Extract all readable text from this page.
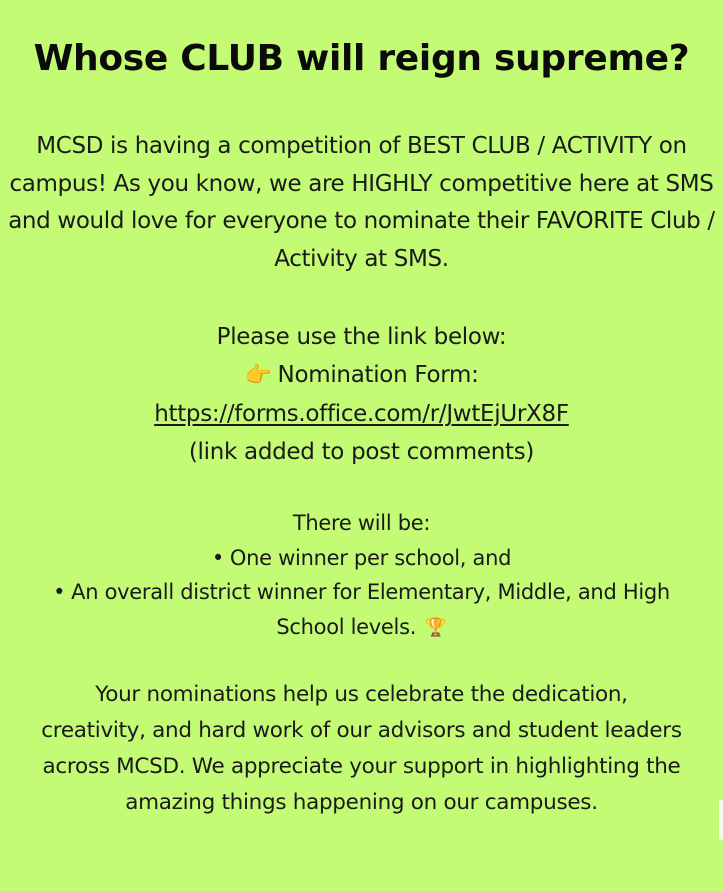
Whose CLUB will reign supreme?

MCSD is having a competition of BEST CLUB / ACTIVITY on campus! As you know, we are HIGHLY competitive here at SMS and would love for everyone to nominate their FAVORITE Club / Activity at SMS.

Please use the link below:
👉 Nomination Form:
https://forms.office.com/r/JwtEjUrX8F
(link added to post comments)
There will be:
• One winner per school, and
• An overall district winner for Elementary, Middle, and High School levels. 🏆

Your nominations help us celebrate the dedication, creativity, and hard work of our advisors and student leaders across MCSD. We appreciate your support in highlighting the amazing things happening on our campuses.
